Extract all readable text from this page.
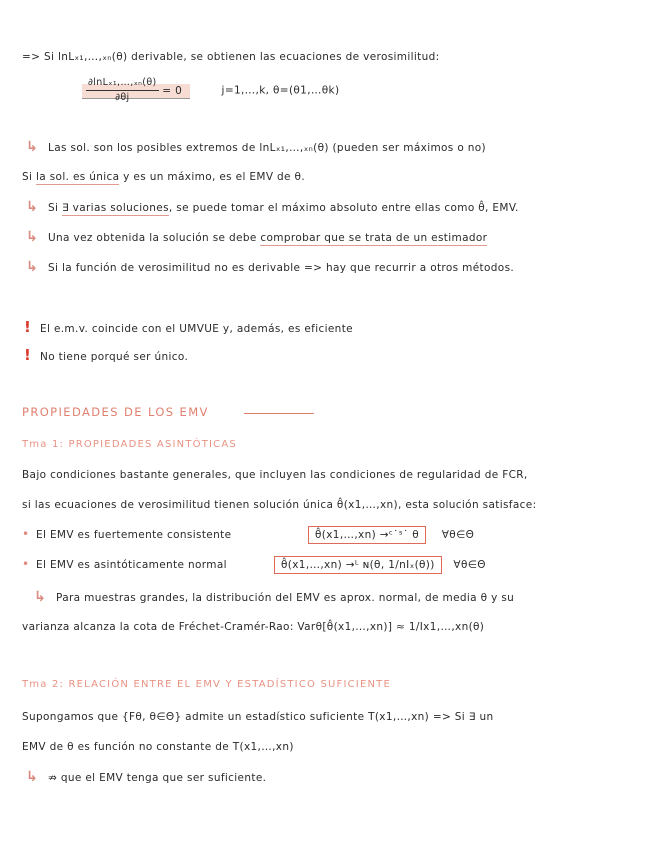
=> Si lnLₓ₁,…,ₓₙ(θ) derivable, se obtienen las ecuaciones de verosimilitud:
$\frac{\text{∂lnLₓ₁,…,ₓₙ(θ)}}{\partial\theta j} = 0$	j=1,…,k, θ=(θ1,…θk)
↳ Las sol. son los posibles extremos de lnLₓ₁,…,ₓₙ(θ) (pueden ser máximos o no)
Si la sol. es única y es un máximo, es el EMV de θ.
↳ Si ∃ varias soluciones, se puede tomar el máximo absoluto entre ellas como θ̂, EMV.
↳ Una vez obtenida la solución se debe comprobar que se trata de un estimador
↳ Si la función de verosimilitud no es derivable => hay que recurrir a otros métodos.
! El e.m.v. coincide con el UMVUE y, además, es eficiente
! No tiene porqué ser único.
PROPIEDADES DE LOS EMV
Tma 1: PROPIEDADES ASINTÓTICAS
Bajo condiciones bastante generales, que incluyen las condiciones de regularidad de FCR,
si las ecuaciones de verosimilitud tienen solución única θ̂(x1,…,xn), esta solución satisface:
• El EMV es fuertemente consistente	θ̂(x1,…,xn) →ᶜ˙ˢ˙ θ ∀θ∈Θ
• El EMV es asintóticamente normal	θ̂(x1,…,xn) →ᴸ ɴ(θ, 1/nIₓ(θ)) ∀θ∈Θ
↳ Para muestras grandes, la distribución del EMV es aprox. normal, de media θ y su
varianza alcanza la cota de Fréchet-Cramér-Rao: Varθ[θ̂(x1,…,xn)] ≈ 1/Ix1,…,xn(θ)
Tma 2: RELACIÓN ENTRE EL EMV Y ESTADÍSTICO SUFICIENTE
Supongamos que {Fθ, θ∈Θ} admite un estadístico suficiente T(x1,…,xn) => Si ∃ un
EMV de θ es función no constante de T(x1,…,xn)
↳ ⇏ que el EMV tenga que ser suficiente.
